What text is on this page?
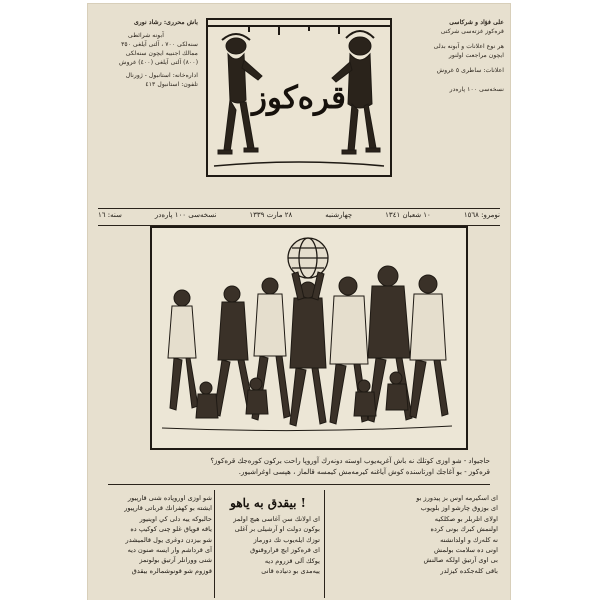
باش محررى: رشاد نورى
آبونه شرائطى
سنه‌لكى ٧٠٠ ، آلتى آيلغى ٣٥٠
ممالك اجنبيه ايچون سنه‌لكى
(٨٠٠) آلتى آيلغى (٤٠٠) غروش
اداره‌خانه: استانبول - ژورنال
تلفون: استانبول ٤١٣
على فؤاد و شركاسى
قره‌كوز غزته‌سى شركتى
هر نوع اعلانات و آبونه بدلى
ايچون مراجعت اولنور
اعلانات: ساطرى ٥ غروش
نسخه‌سى ١٠٠ پاره‌در
قره‌کوز
نومرو: ١٥٦٨
١٠ شعبان ١٣٤١
چهارشنبه
٢٨ مارت ١٣٣٩
نسخه‌سى ١٠٠ پاره‌در
سنه: ١٦
حاجيواد - شو اوزى كوتلك نه باش آغريه‌يوب اوسته دونه‌رك آوروپا راحت بركون كوره‌جك قره‌كوز؟
قره‌كوز - بو آغاجك اورتاسنده كوش آياغنه كيرمه‌مش كيمسه قالماز ، هپسى اوغراشيور.
شو اوزى اوروپاده شنى قارپيور
ايشته بو كهفرانك قرباتى قارپيور
حالبوكه ييه دلى كي اوينيور
ياقه قوپاق غلو چنى كوكيپ ده
شو بيزدن دوغرى يول قالميشدر
آى قرداشم وار ايسه صنون ديه
شنى وورانلر آرتيق بولونمز
قوزوم شو قونوشمالره بيقدق
بيقدق به ياهو !
اى اولانك سن آغاسى هيچ اولمز
بوكون دولت او آرشيلى بر آغلى
توزك ايله‌يوب تك دورماز
اى قره‌كوز ايچ قراروقنوق
يوكك آلى قزروم ديه
ييه‌مدى بو دنياده قانى
اى اسكيرمه اوس بز پيدورز بو
اى بوزوق چارشو اوز بلويوب
اولاى اتلربلر بو صكلكيه
اولنمش كبرك بونى كرده
نه كله‌رك و اولدانشنه
اونى ده سلامت بولمش
بى اوى آرتيق اولكه صالنش
باقى كله‌جكده كيزلدر
